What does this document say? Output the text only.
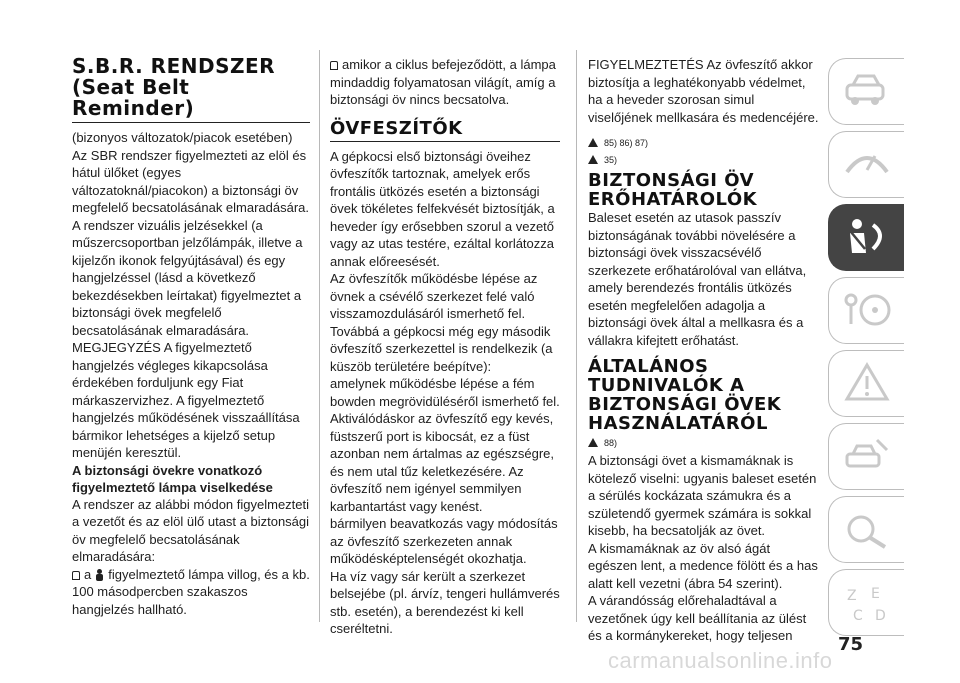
S.B.R. RENDSZER (Seat Belt Reminder)

(bizonyos változatok/piacok esetében)

Az SBR rendszer figyelmezteti az elöl és hátul ülőket (egyes változatoknál/piacokon) a biztonsági öv megfelelő becsatolásának elmaradására.

A rendszer vizuális jelzésekkel (a műszercsoportban jelzőlámpák, illetve a kijelzőn ikonok felgyújtásával) és egy hangjelzéssel (lásd a következő bekezdésekben leírtakat) figyelmeztet a biztonsági övek megfelelő becsatolásának elmaradására.

MEGJEGYZÉS A figyelmeztető hangjelzés végleges kikapcsolása érdekében forduljunk egy Fiat márkaszervizhez. A figyelmeztető hangjelzés működésének visszaállítása bármikor lehetséges a kijelző setup menüjén keresztül.

A biztonsági övekre vonatkozó figyelmeztető lámpa viselkedése

A rendszer az alábbi módon figyelmezteti a vezetőt és az elöl ülő utast a biztonsági öv megfelelő becsatolásának elmaradására:

a figyelmeztető lámpa villog, és a kb. 100 másodpercben szakaszos hangjelzés hallható.

amikor a ciklus befejeződött, a lámpa mindaddig folyamatosan világít, amíg a biztonsági öv nincs becsatolva.

ÖVFESZÍTŐK

A gépkocsi első biztonsági öveihez övfeszítők tartoznak, amelyek erős frontális ütközés esetén a biztonsági övek tökéletes felfekvését biztosítják, a heveder így erősebben szorul a vezető vagy az utas testére, ezáltal korlátozza annak előreesését.

Az övfeszítők működésbe lépése az övnek a csévélő szerkezet felé való visszamozdulásáról ismerhető fel.

Továbbá a gépkocsi még egy második övfeszítő szerkezettel is rendelkezik (a küszöb területére beépítve):

amelynek működésbe lépése a fém bowden megrövidüléséről ismerhető fel.

Aktiválódáskor az övfeszítő egy kevés, füstszerű port is kibocsát, ez a füst azonban nem ártalmas az egészségre, és nem utal tűz keletkezésére. Az övfeszítő nem igényel semmilyen karbantartást vagy kenést.

bármilyen beavatkozás vagy módosítás az övfeszítő szerkezeten annak működésképtelenségét okozhatja.

Ha víz vagy sár került a szerkezet belsejébe (pl. árvíz, tengeri hullámverés stb. esetén), a berendezést ki kell cseréltetni.

FIGYELMEZTETÉS Az övfeszítő akkor biztosítja a leghatékonyabb védelmet, ha a heveder szorosan simul viselőjének mellkasára és medencéjére.

85) 86) 87)

35)

BIZTONSÁGI ÖV ERŐHATÁROLÓK

Baleset esetén az utasok passzív biztonságának további növelésére a biztonsági övek visszacsévélő szerkezete erőhatárolóval van ellátva, amely berendezés frontális ütközés esetén megfelelően adagolja a biztonsági övek által a mellkasra és a vállakra kifejtett erőhatást.

ÁLTALÁNOS TUDNIVALÓK A BIZTONSÁGI ÖVEK HASZNÁLATÁRÓL

88)

A biztonsági övet a kismamáknak is kötelező viselni: ugyanis baleset esetén a sérülés kockázata számukra és a születendő gyermek számára is sokkal kisebb, ha becsatolják az övet.

A kismamáknak az öv alsó ágát egészen lent, a medence fölött és a has alatt kell vezetni (ábra 54 szerint).

A várandósság előrehaladtával a vezetőnek úgy kell beállítania az ülést és a kormánykereket, hogy teljesen

Z E
C D
75
carmanualsonline.info
